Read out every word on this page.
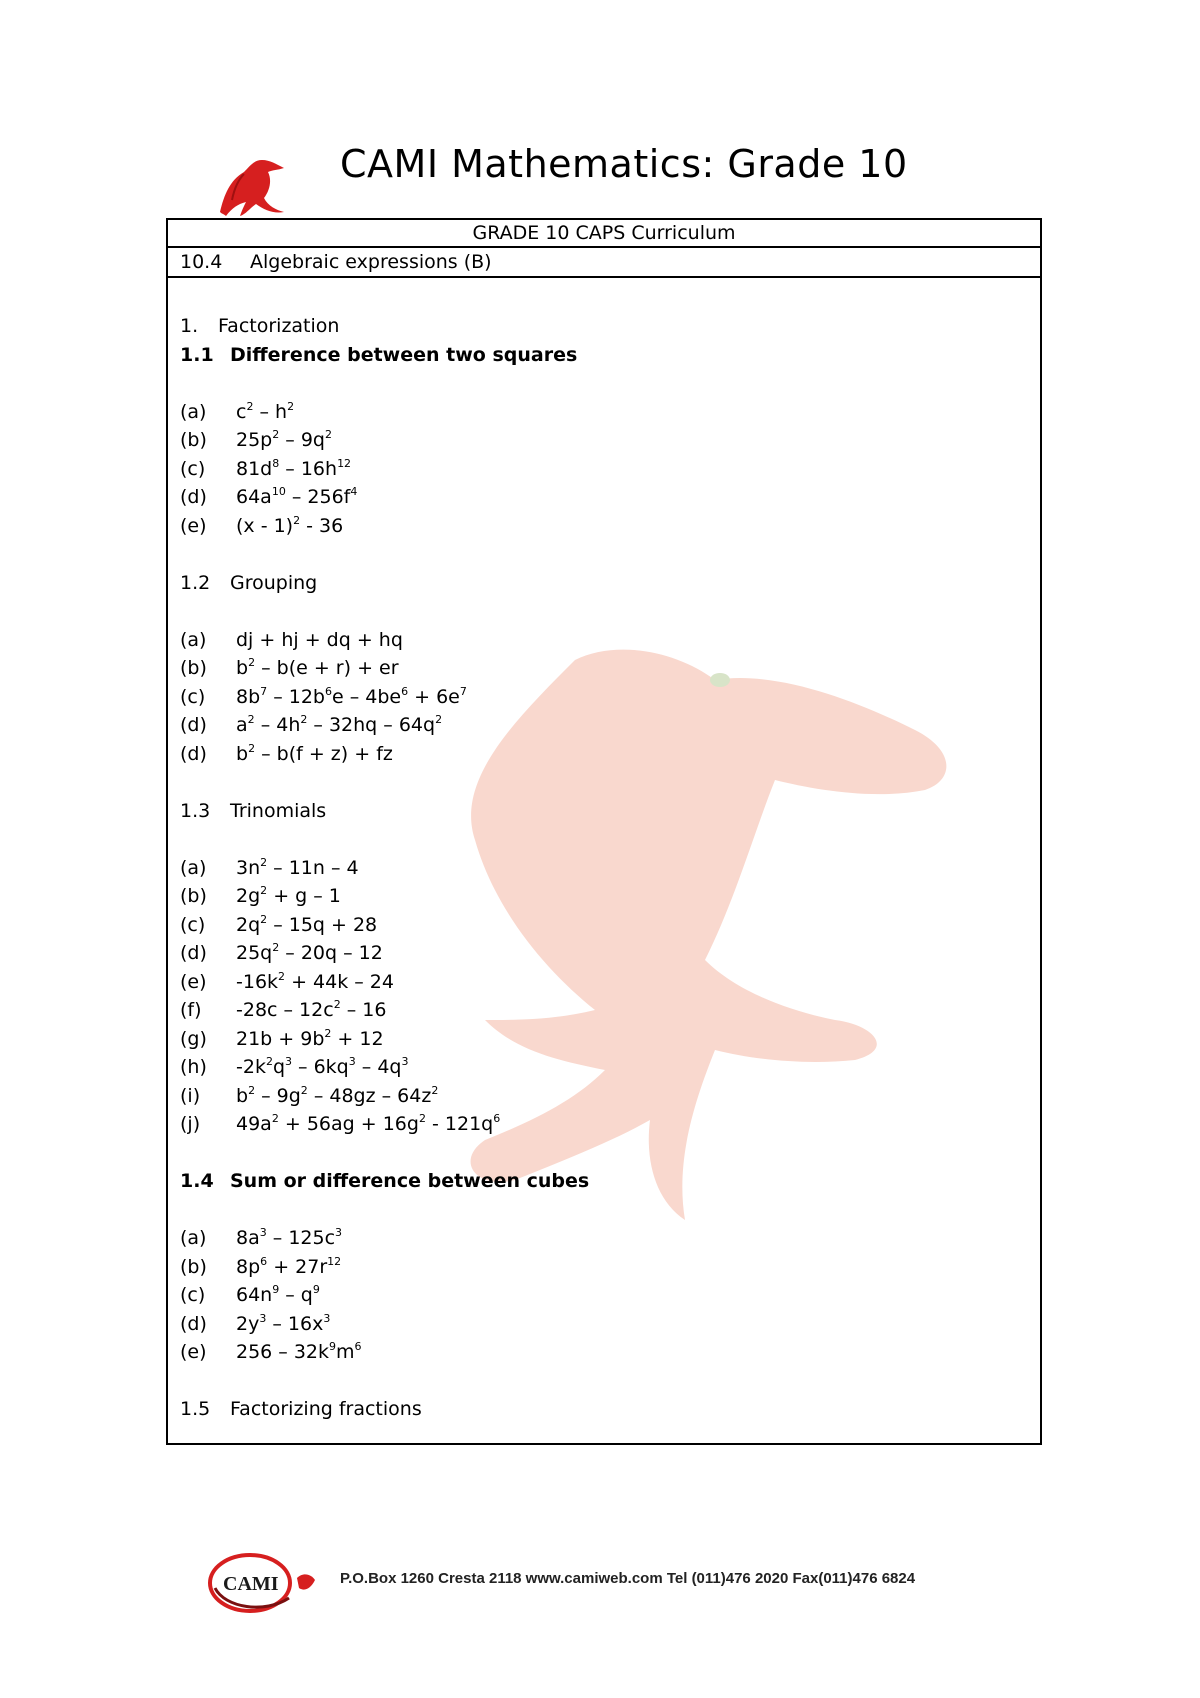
CAMI Mathematics: Grade 10
GRADE 10 CAPS Curriculum
10.4 Algebraic expressions (B)
1. Factorization
1.1 Difference between two squares
(a) $c^2 - h^2$
(b) $25p^2 - 9q^2$
(c) $81d^8 - 16h^{12}$
(d) $64a^{10} - 256f^4$
(e) (x - 1)$^2$ - 36
1.2 Grouping
(a) dj + hj + dq + hq
(b) $b^2 - b(e + r)$ + er
(c) $8b^7 - 12b^6e - 4be^6 + 6e^7$
(d) $a^2 - 4h^2 - 32hq - 64q^2$
(d) $b^2 - b(f + z)$ + fz
1.3 Trinomials
(a) $3n^2 - 11n - 4$
(b) $2g^2 + g - 1$
(c) $2q^2 - 15q + 28$
(d) $25q^2 - 20q - 12$
(e) $-16k^2 + 44k - 24$
(f) $-28c - 12c^2 - 16$
(g) $21b + 9b^2 + 12$
(h) $-2k^2q^3 - 6kq^3 - 4q^3$
(i) $b^2 - 9g^2 - 48gz - 64z^2$
(j) $49a^2 + 56ag + 16g^2 - 121q^6$
1.4 Sum or difference between cubes
(a) $8a^3 - 125c^3$
(b) $8p^6 + 27r^{12}$
(c) $64n^9 - q^9$
(d) $2y^3 - 16x^3$
(e) $256 - 32k^9m^6$
1.5 Factorizing fractions
CAMI	P.O.Box 1260 Cresta 2118 www.camiweb.com Tel (011)476 2020 Fax(011)476 6824
